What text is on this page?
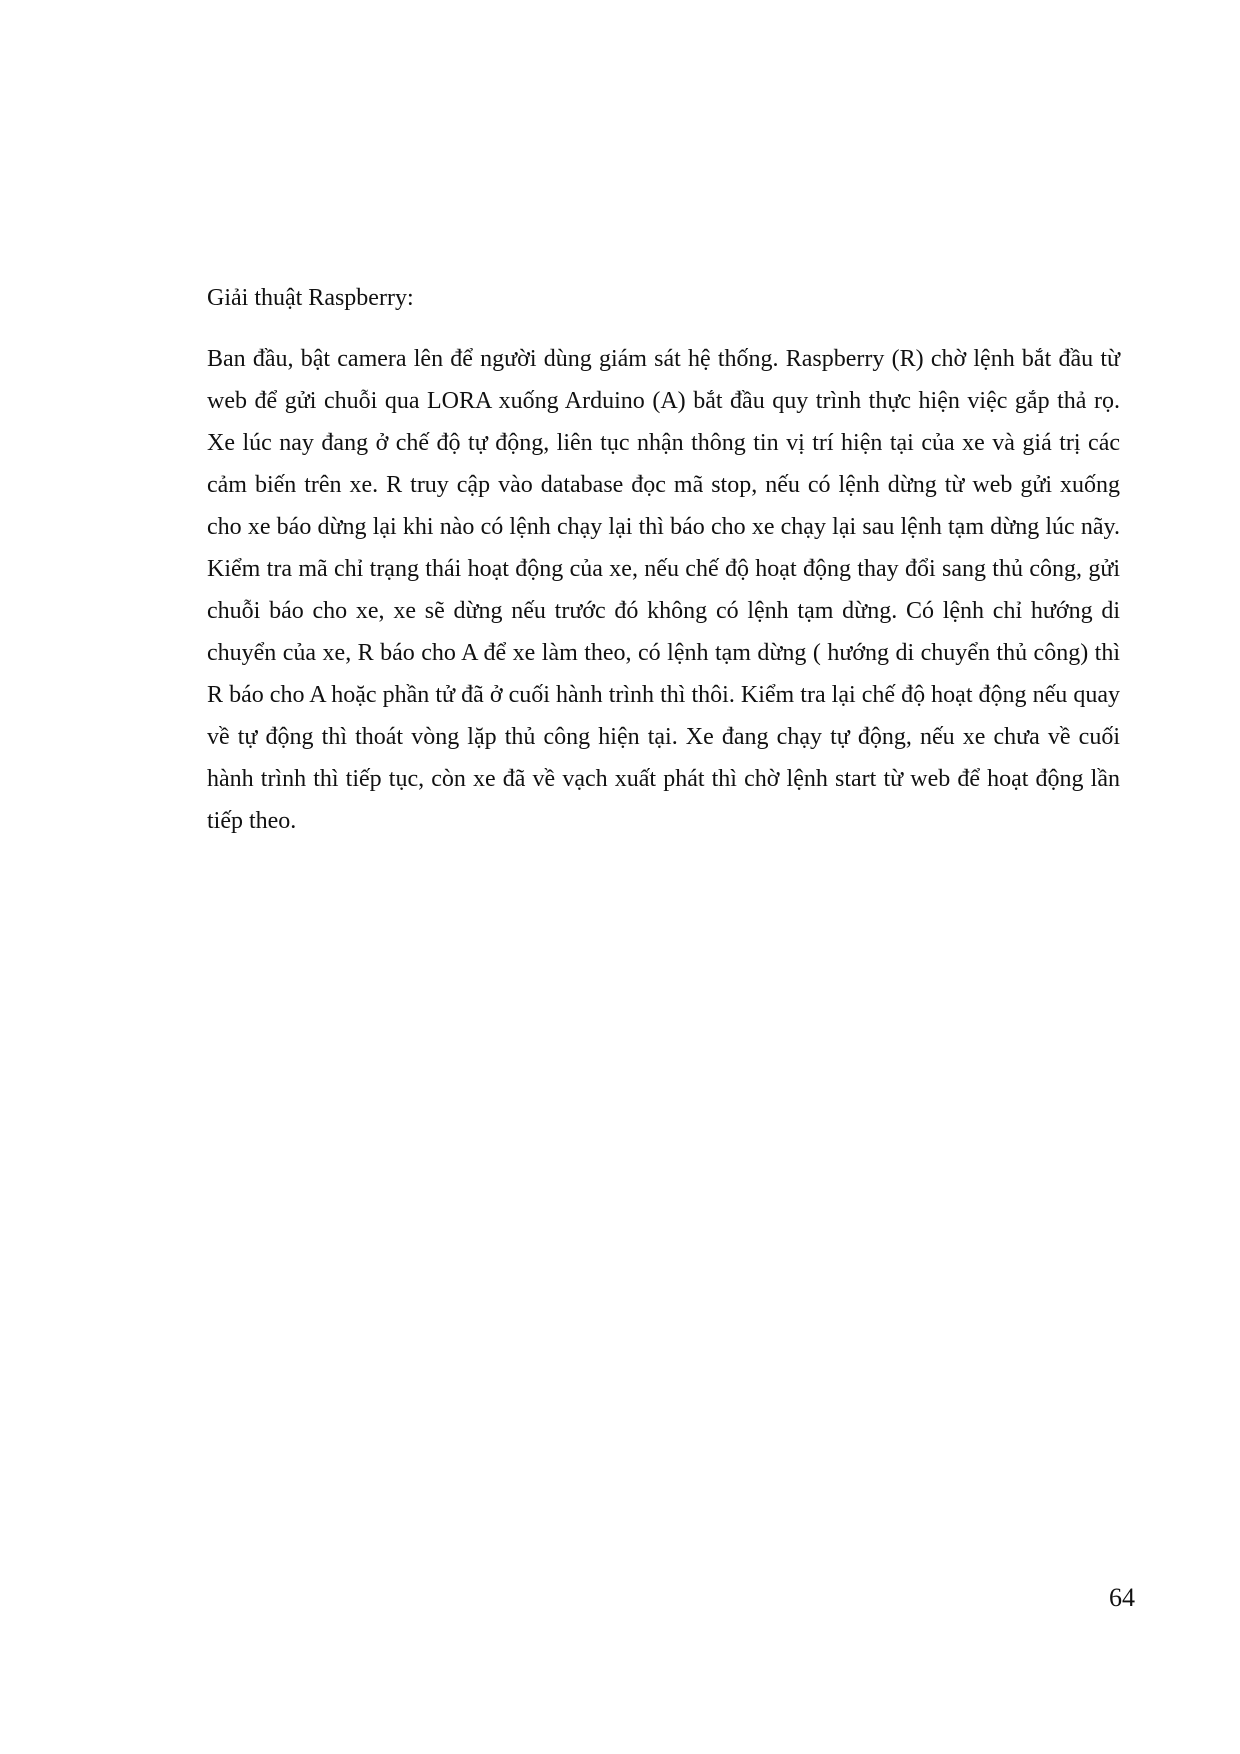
Giải thuật Raspberry:

Ban đầu, bật camera lên để người dùng giám sát hệ thống. Raspberry (R) chờ lệnh bắt đầu từ web để gửi chuỗi qua LORA xuống Arduino (A) bắt đầu quy trình thực hiện việc gắp thả rọ. Xe lúc nay đang ở chế độ tự động, liên tục nhận thông tin vị trí hiện tại của xe và giá trị các cảm biến trên xe. R truy cập vào database đọc mã stop, nếu có lệnh dừng từ web gửi xuống cho xe báo dừng lại khi nào có lệnh chạy lại thì báo cho xe chạy lại sau lệnh tạm dừng lúc nãy. Kiểm tra mã chỉ trạng thái hoạt động của xe, nếu chế độ hoạt động thay đổi sang thủ công, gửi chuỗi báo cho xe, xe sẽ dừng nếu trước đó không có lệnh tạm dừng. Có lệnh chỉ hướng di chuyển của xe, R báo cho A để xe làm theo, có lệnh tạm dừng ( hướng di chuyển thủ công) thì R báo cho A hoặc phần tử đã ở cuối hành trình thì thôi. Kiểm tra lại chế độ hoạt động nếu quay về tự động thì thoát vòng lặp thủ công hiện tại. Xe đang chạy tự động, nếu xe chưa về cuối hành trình thì tiếp tục, còn xe đã về vạch xuất phát thì chờ lệnh start từ web để hoạt động lần tiếp theo.

64
